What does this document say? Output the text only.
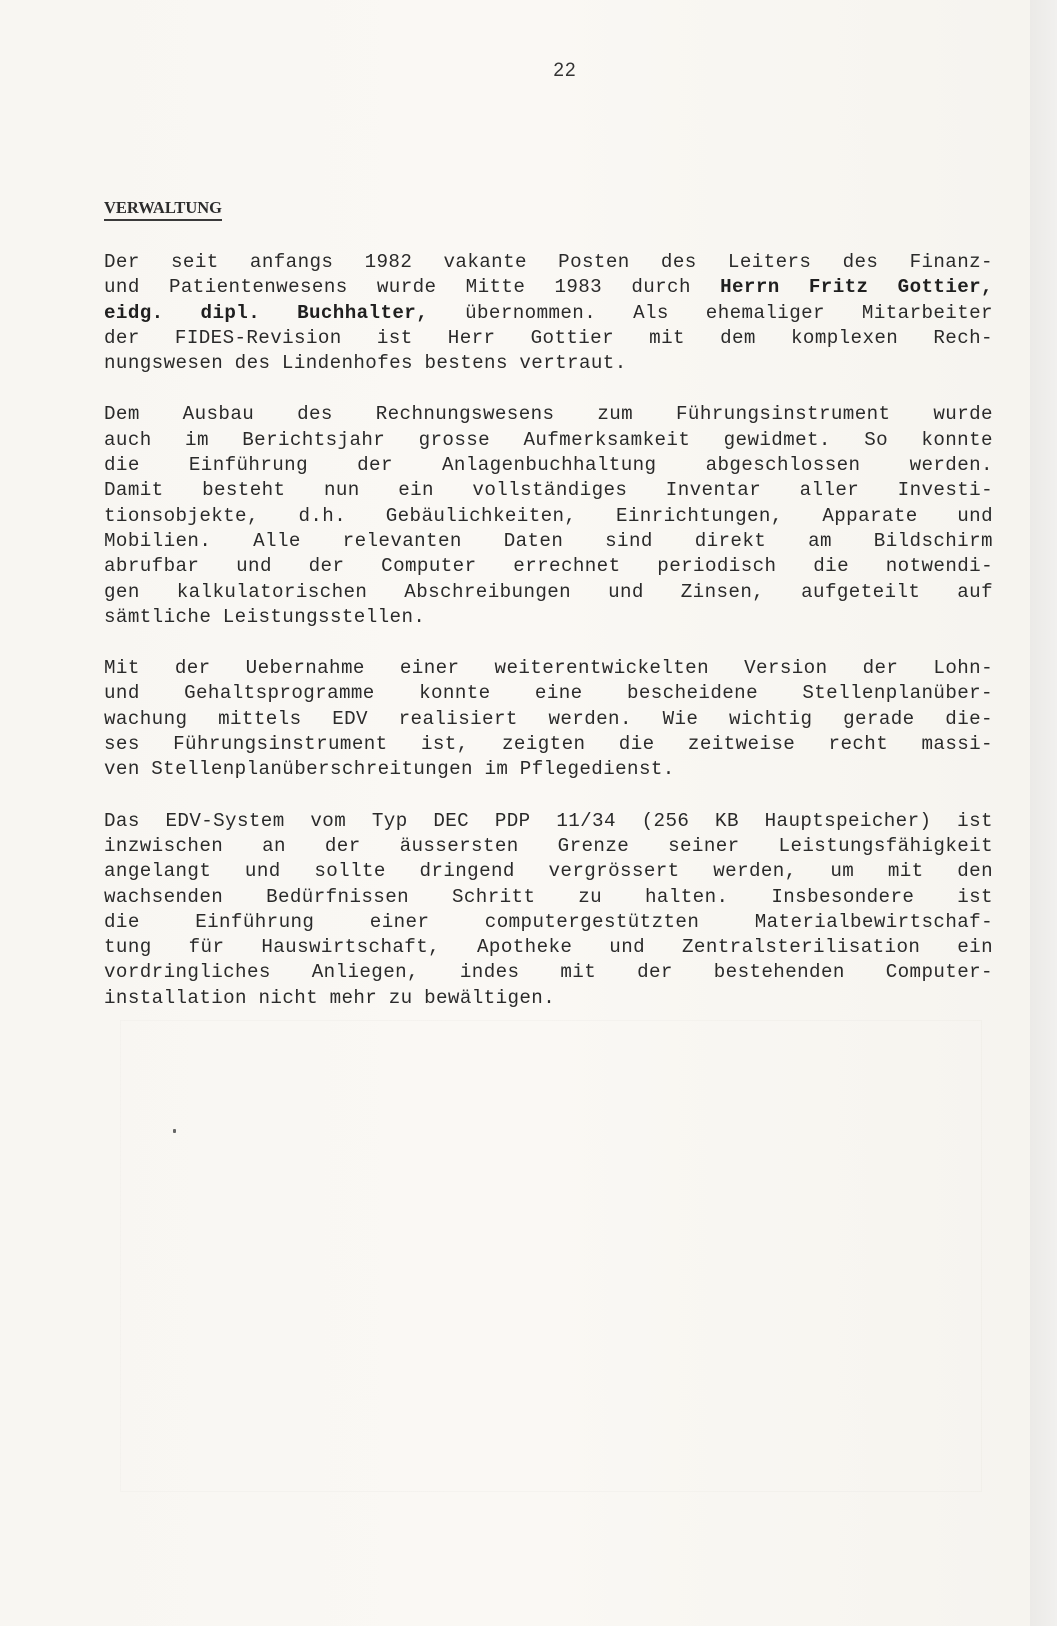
22
VERWALTUNG
Der seit anfangs 1982 vakante Posten des Leiters des Finanz-
und Patientenwesens wurde Mitte 1983 durch Herrn Fritz Gottier,
eidg. dipl. Buchhalter, übernommen. Als ehemaliger Mitarbeiter
der FIDES-Revision ist Herr Gottier mit dem komplexen Rech-
nungswesen des Lindenhofes bestens vertraut.
Dem Ausbau des Rechnungswesens zum Führungsinstrument wurde
auch im Berichtsjahr grosse Aufmerksamkeit gewidmet. So konnte
die	Einführung	der	Anlagenbuchhaltung	abgeschlossen	werden.
Damit besteht nun ein vollständiges Inventar aller Investi-
tionsobjekte, d.h. Gebäulichkeiten, Einrichtungen, Apparate und
Mobilien. Alle relevanten Daten sind direkt am Bildschirm
abrufbar und der Computer errechnet periodisch die notwendi-
gen kalkulatorischen Abschreibungen und Zinsen, aufgeteilt auf
sämtliche Leistungsstellen.
Mit der Uebernahme einer weiterentwickelten Version der Lohn-
und Gehaltsprogramme konnte eine bescheidene Stellenplanüber-
wachung mittels EDV realisiert werden. Wie wichtig gerade die-
ses Führungsinstrument ist, zeigten die zeitweise recht massi-
ven Stellenplanüberschreitungen im Pflegedienst.
Das EDV-System vom Typ DEC PDP 11/34 (256 KB Hauptspeicher) ist
inzwischen an der äussersten Grenze seiner Leistungsfähigkeit
angelangt und sollte dringend vergrössert werden, um mit den
wachsenden Bedürfnissen Schritt zu halten. Insbesondere ist
die	Einführung	einer	computergestützten	Materialbewirtschaf-
tung für Hauswirtschaft, Apotheke und Zentralsterilisation ein
vordringliches Anliegen, indes mit der bestehenden Computer-
installation nicht mehr zu bewältigen.
